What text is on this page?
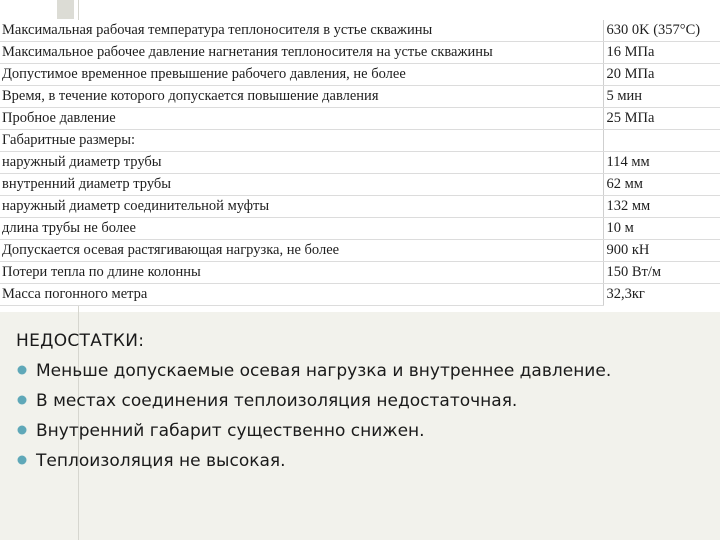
Максимальная рабочая температура теплоносителя в устье скважины	630 0K (357°C)
Максимальное рабочее давление нагнетания теплоносителя на устье скважины	16 МПа
Допустимое временное превышение рабочего давления, не более	20 МПа
Время, в течение которого допускается повышение давления	5 мин
Пробное давление	25 МПа
Габаритные размеры:	
наружный диаметр трубы	114 мм
внутренний диаметр трубы	62 мм
наружный диаметр соединительной муфты	132 мм
длина трубы не более	10 м
Допускается осевая растягивающая нагрузка, не более	900 кН
Потери тепла по длине колонны	150 Вт/м
Масса погонного метра	32,3кг

НЕДОСТАТКИ:

Меньше допускаемые осевая нагрузка и внутреннее давление.
В местах соединения теплоизоляция недостаточная.
Внутренний габарит существенно снижен.
Теплоизоляция не высокая.
